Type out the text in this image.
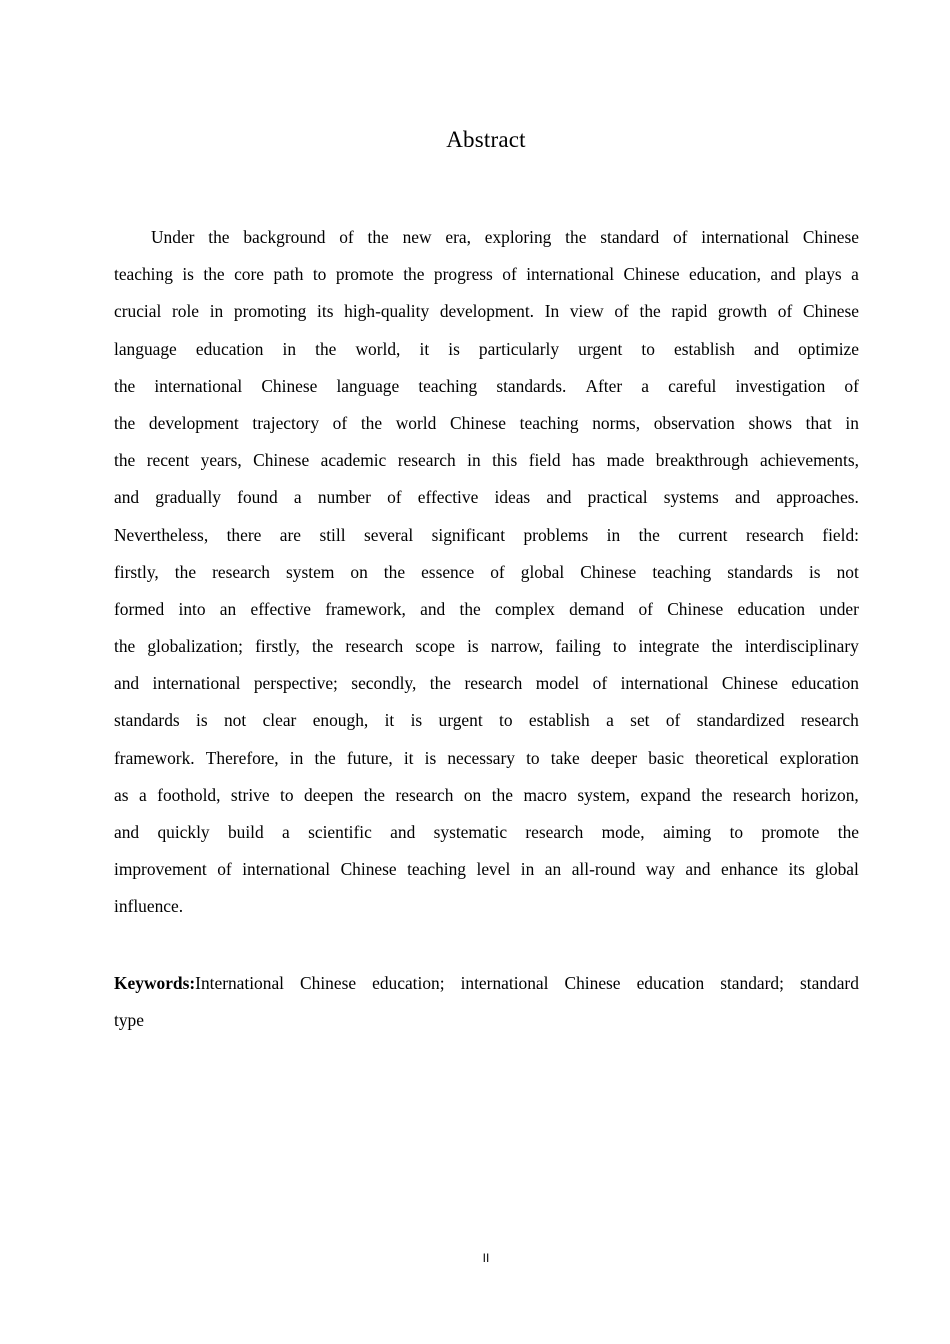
Abstract
Under the background of the new era, exploring the standard of international Chinese
teaching is the core path to promote the progress of international Chinese education, and plays a
crucial role in promoting its high-quality development. In view of the rapid growth of Chinese
language education in the world, it is particularly urgent to establish and optimize
the international Chinese language teaching standards. After a careful investigation of
the development trajectory of the world Chinese teaching norms, observation shows that in
the recent years, Chinese academic research in this field has made breakthrough achievements,
and gradually found a number of effective ideas and practical systems and approaches.
Nevertheless, there are still several significant problems in the current research field:
firstly, the research system on the essence of global Chinese teaching standards is not
formed into an effective framework, and the complex demand of Chinese education under
the globalization; firstly, the research scope is narrow, failing to integrate the interdisciplinary
and international perspective; secondly, the research model of international Chinese education
standards is not clear enough, it is urgent to establish a set of standardized research
framework. Therefore, in the future, it is necessary to take deeper basic theoretical exploration
as a foothold, strive to deepen the research on the macro system, expand the research horizon,
and quickly build a scientific and systematic research mode, aiming to promote the
improvement of international Chinese teaching level in an all-round way and enhance its global
influence.
Keywords:International Chinese education; international Chinese education standard; standard
type
II
